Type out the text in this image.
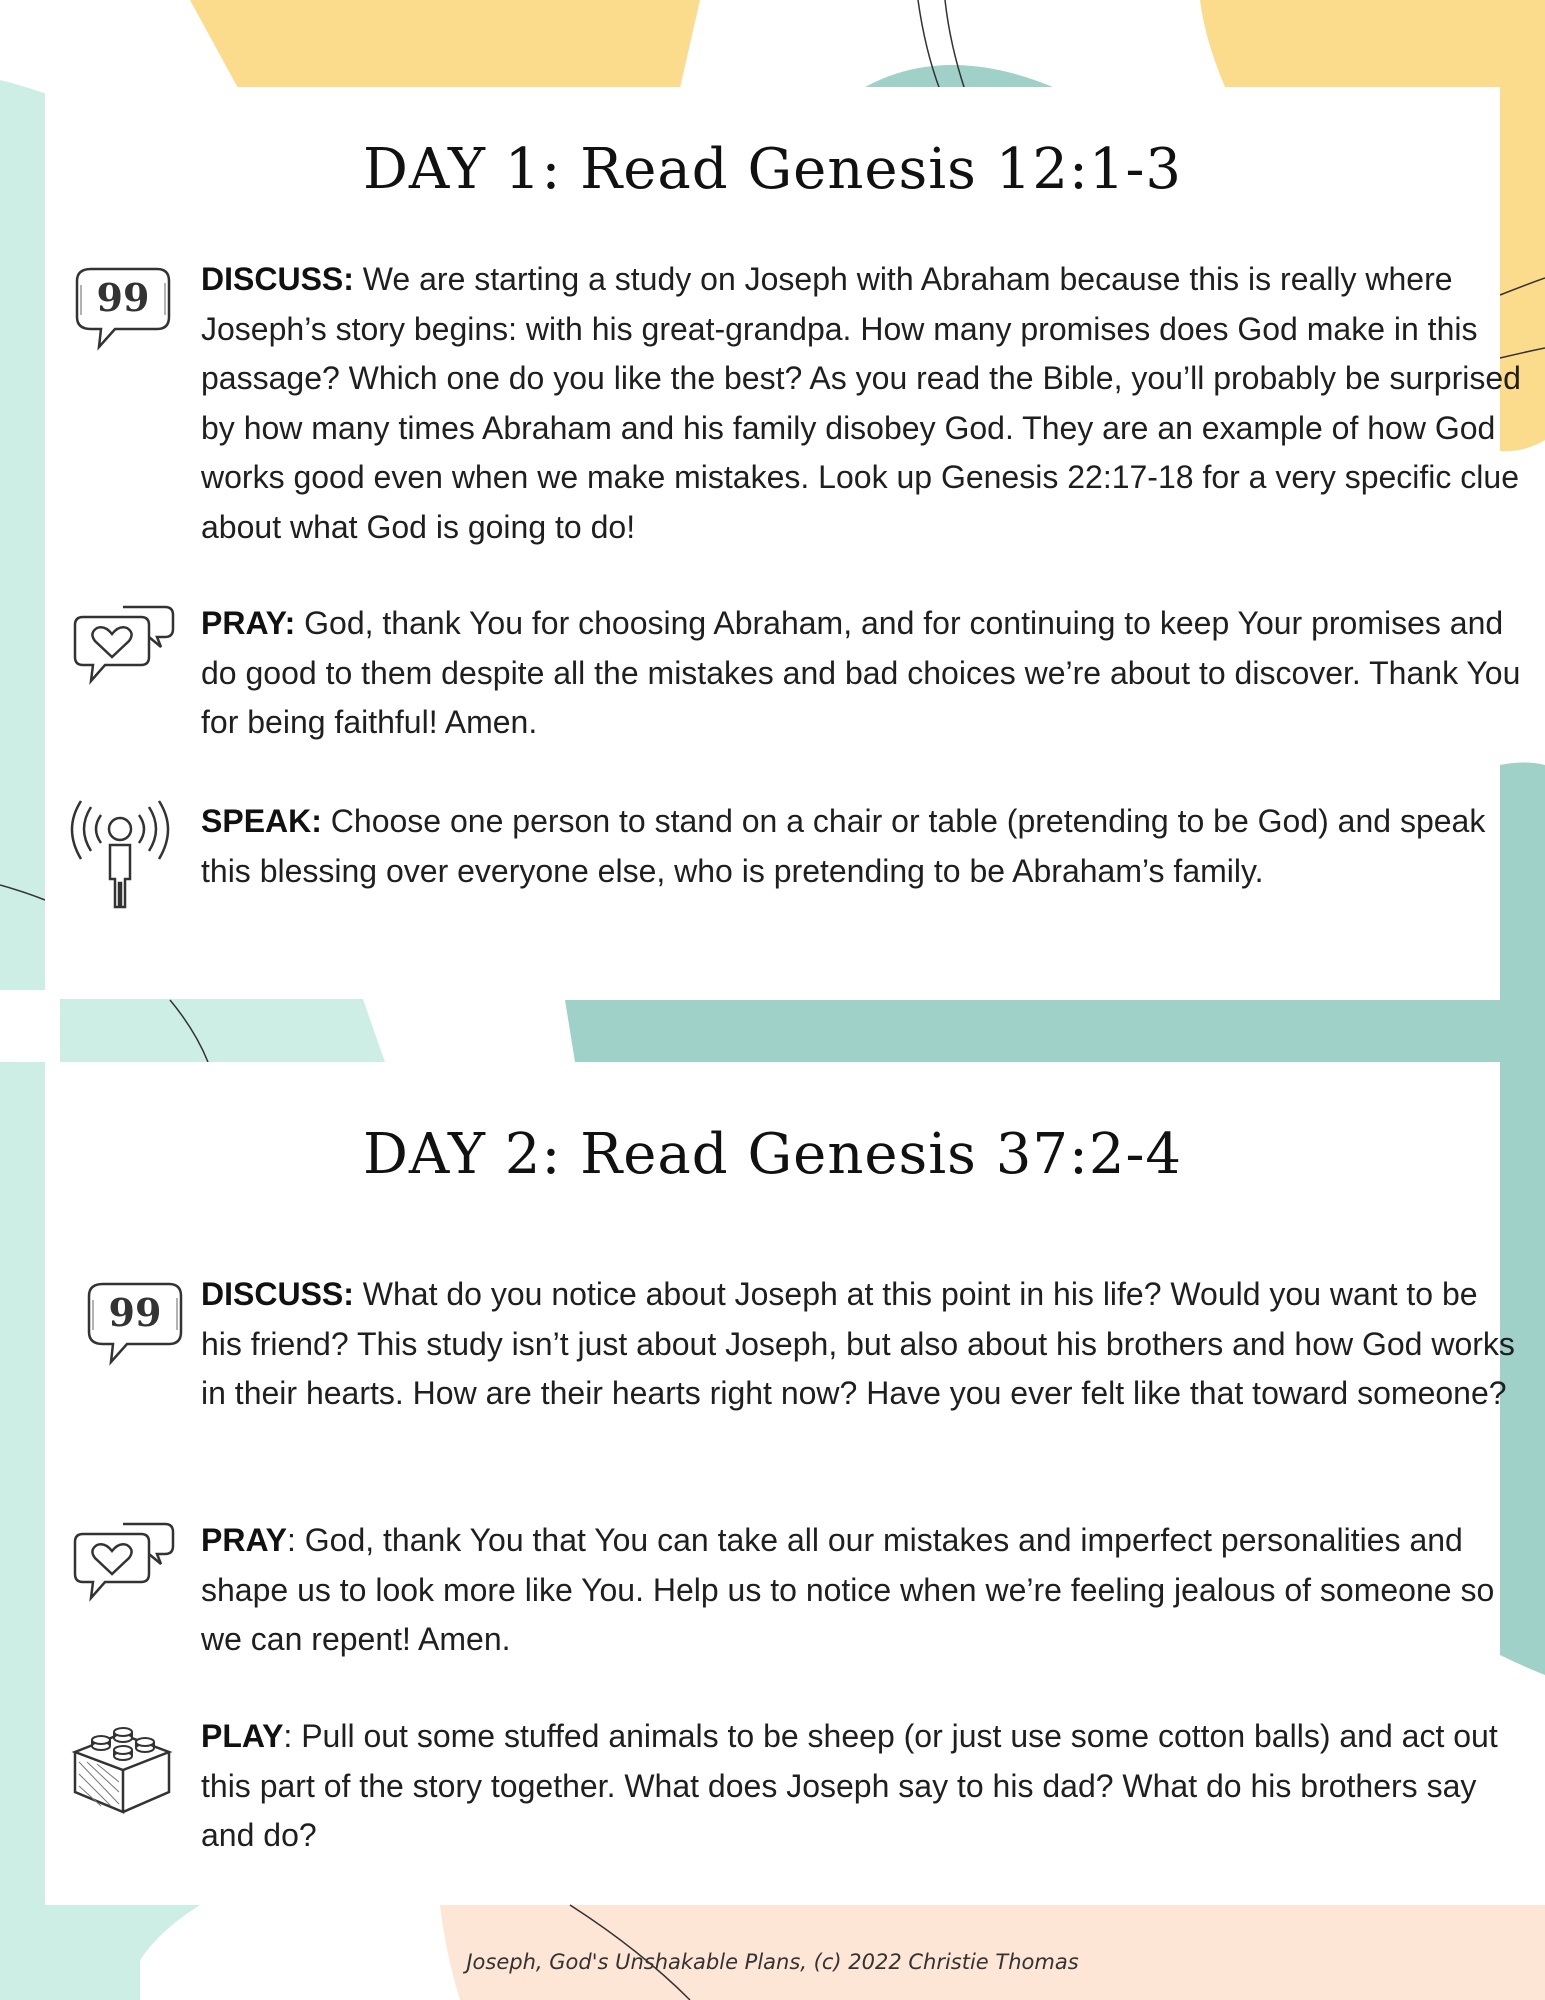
DAY 1: Read Genesis 12:1-3
99 DISCUSS: We are starting a study on Joseph with Abraham because this is really where Joseph’s story begins: with his great-grandpa. How many promises does God make in this passage? Which one do you like the best? As you read the Bible, you’ll probably be surprised by how many times Abraham and his family disobey God. They are an example of how God works good even when we make mistakes. Look up Genesis 22:17-18 for a very specific clue about what God is going to do!

PRAY: God, thank You for choosing Abraham, and for continuing to keep Your promises and do good to them despite all the mistakes and bad choices we’re about to discover. Thank You for being faithful! Amen.

SPEAK: Choose one person to stand on a chair or table (pretending to be God) and speak this blessing over everyone else, who is pretending to be Abraham’s family.

DAY 2: Read Genesis 37:2-4
99 DISCUSS: What do you notice about Joseph at this point in his life? Would you want to be his friend? This study isn’t just about Joseph, but also about his brothers and how God works in their hearts. How are their hearts right now? Have you ever felt like that toward someone?

PRAY: God, thank You that You can take all our mistakes and imperfect personalities and shape us to look more like You. Help us to notice when we’re feeling jealous of someone so we can repent! Amen.

PLAY: Pull out some stuffed animals to be sheep (or just use some cotton balls) and act out this part of the story together. What does Joseph say to his dad? What do his brothers say and do?

Joseph, God's Unshakable Plans, (c) 2022 Christie Thomas
